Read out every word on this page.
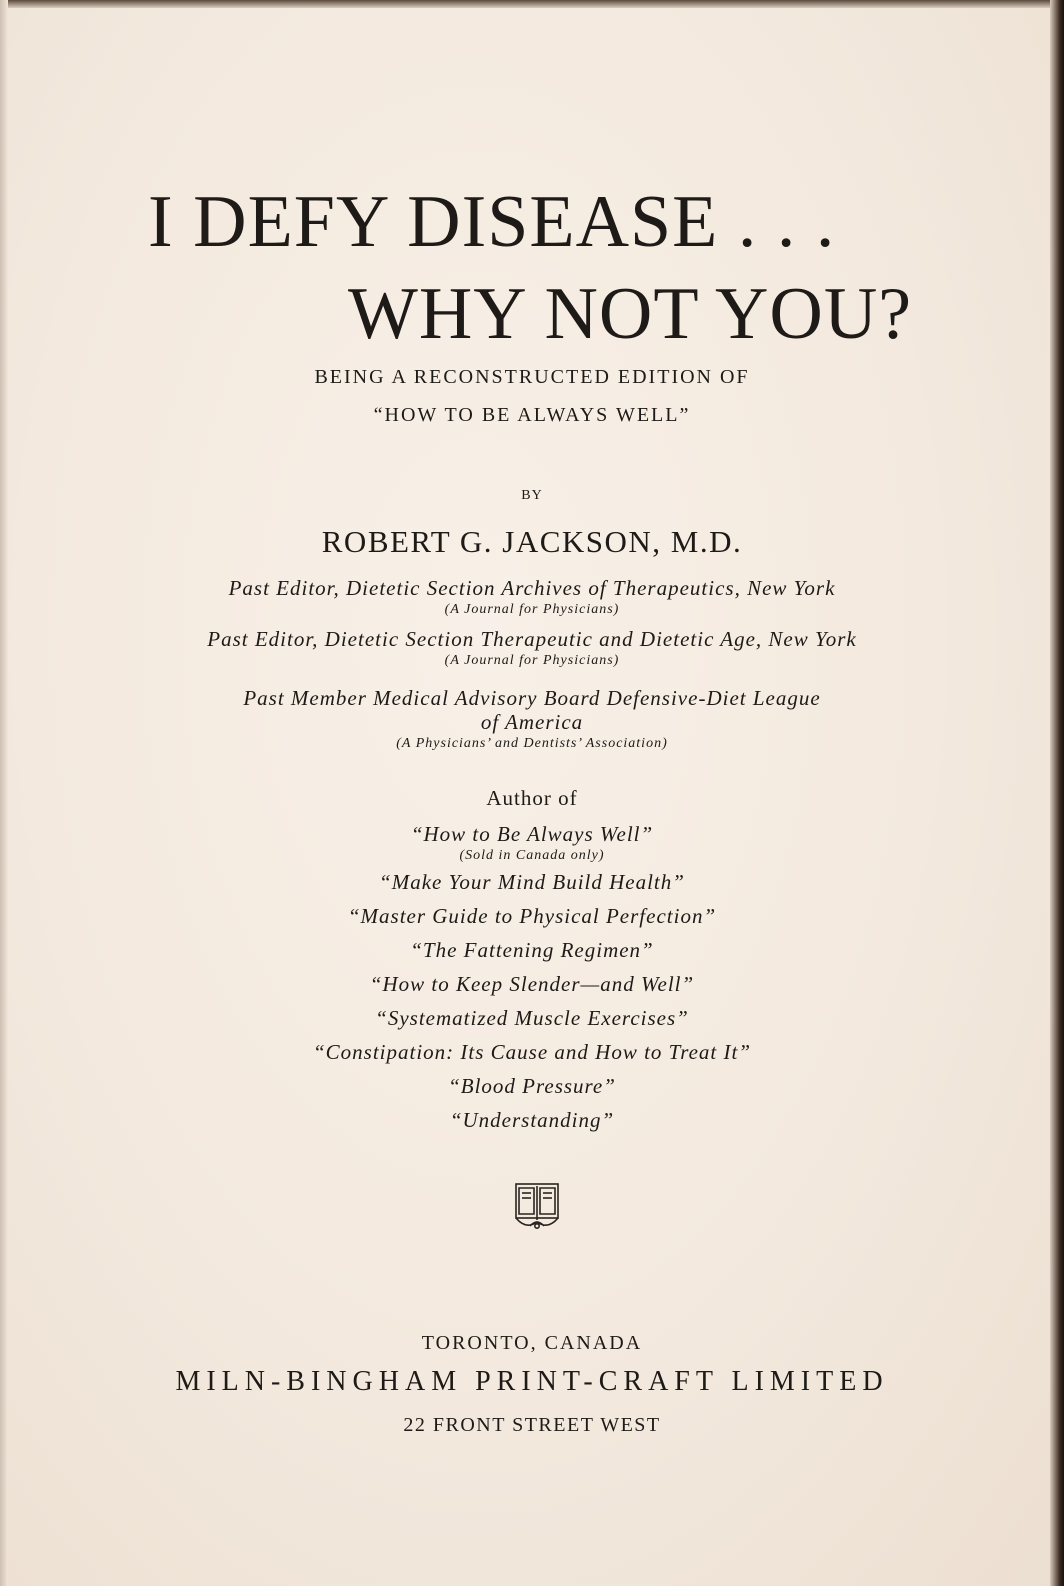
I DEFY DISEASE . . .
WHY NOT YOU?
BEING A RECONSTRUCTED EDITION OF
“HOW TO BE ALWAYS WELL”
BY
ROBERT G. JACKSON, M.D.
Past Editor, Dietetic Section Archives of Therapeutics, New York
(A Journal for Physicians)
Past Editor, Dietetic Section Therapeutic and Dietetic Age, New York
(A Journal for Physicians)
Past Member Medical Advisory Board Defensive-Diet League
of America
(A Physicians’ and Dentists’ Association)
Author of
“How to Be Always Well”
(Sold in Canada only)
“Make Your Mind Build Health”
“Master Guide to Physical Perfection”
“The Fattening Regimen”
“How to Keep Slender—and Well”
“Systematized Muscle Exercises”
“Constipation: Its Cause and How to Treat It”
“Blood Pressure”
“Understanding”
TORONTO, CANADA
MILN-BINGHAM PRINT-CRAFT LIMITED
22 FRONT STREET WEST
